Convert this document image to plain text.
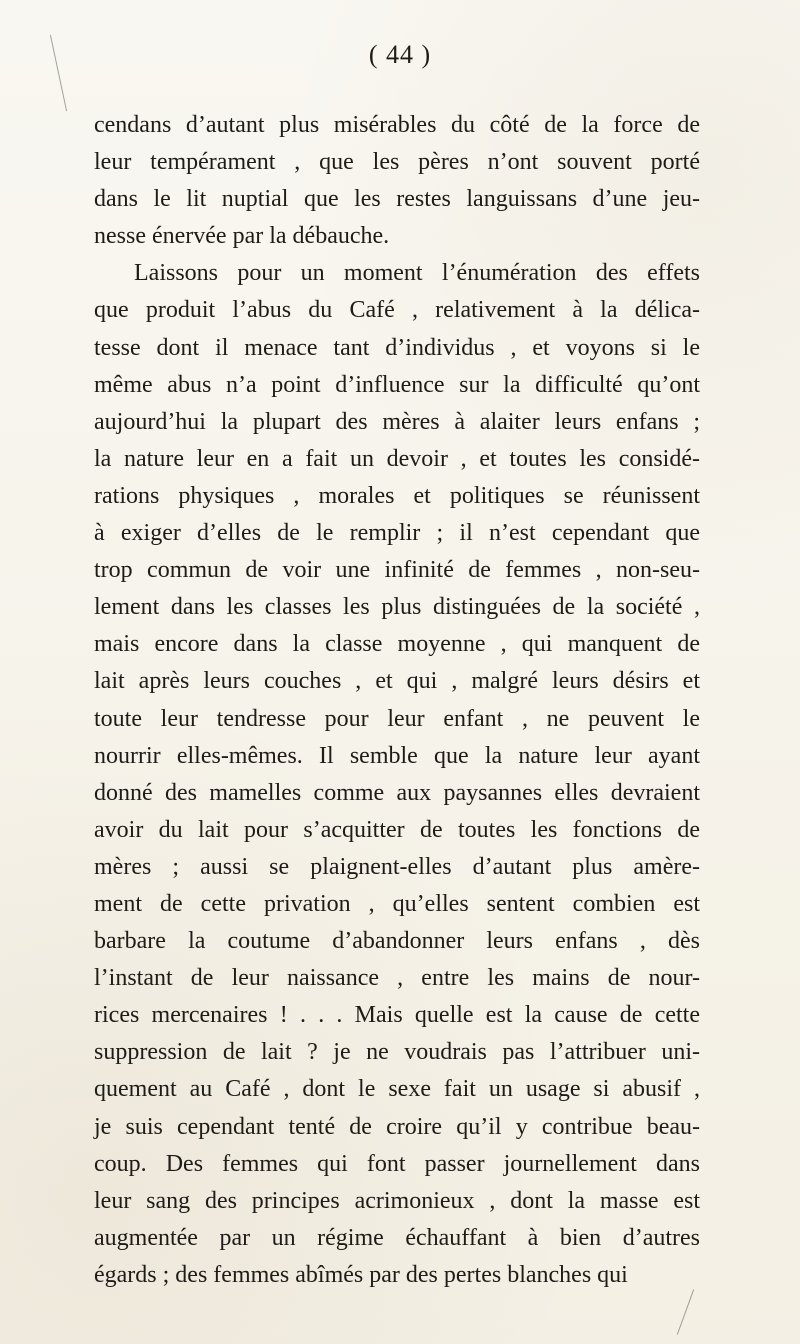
( 44 )
cendans d’autant plus misérables du côté de la force de
leur tempérament , que les pères n’ont souvent porté
dans le lit nuptial que les restes languissans d’une jeu-
nesse énervée par la débauche.
Laissons pour un moment l’énumération des effets
que produit l’abus du Café , relativement à la délica-
tesse dont il menace tant d’individus , et voyons si le
même abus n’a point d’influence sur la difficulté qu’ont
aujourd’hui la plupart des mères à alaiter leurs enfans ;
la nature leur en a fait un devoir , et toutes les considé-
rations physiques , morales et politiques se réunissent
à exiger d’elles de le remplir ; il n’est cependant que
trop commun de voir une infinité de femmes , non-seu-
lement dans les classes les plus distinguées de la société ,
mais encore dans la classe moyenne , qui manquent de
lait après leurs couches , et qui , malgré leurs désirs et
toute leur tendresse pour leur enfant , ne peuvent le
nourrir elles-mêmes. Il semble que la nature leur ayant
donné des mamelles comme aux paysannes elles devraient
avoir du lait pour s’acquitter de toutes les fonctions de
mères ; aussi se plaignent-elles d’autant plus amère-
ment de cette privation , qu’elles sentent combien est
barbare la coutume d’abandonner leurs enfans , dès
l’instant de leur naissance , entre les mains de nour-
rices mercenaires ! . . . Mais quelle est la cause de cette
suppression de lait ? je ne voudrais pas l’attribuer uni-
quement au Café , dont le sexe fait un usage si abusif ,
je suis cependant tenté de croire qu’il y contribue beau-
coup. Des femmes qui font passer journellement dans
leur sang des principes acrimonieux , dont la masse est
augmentée par un régime échauffant à bien d’autres
égards ; des femmes abîmés par des pertes blanches qui
